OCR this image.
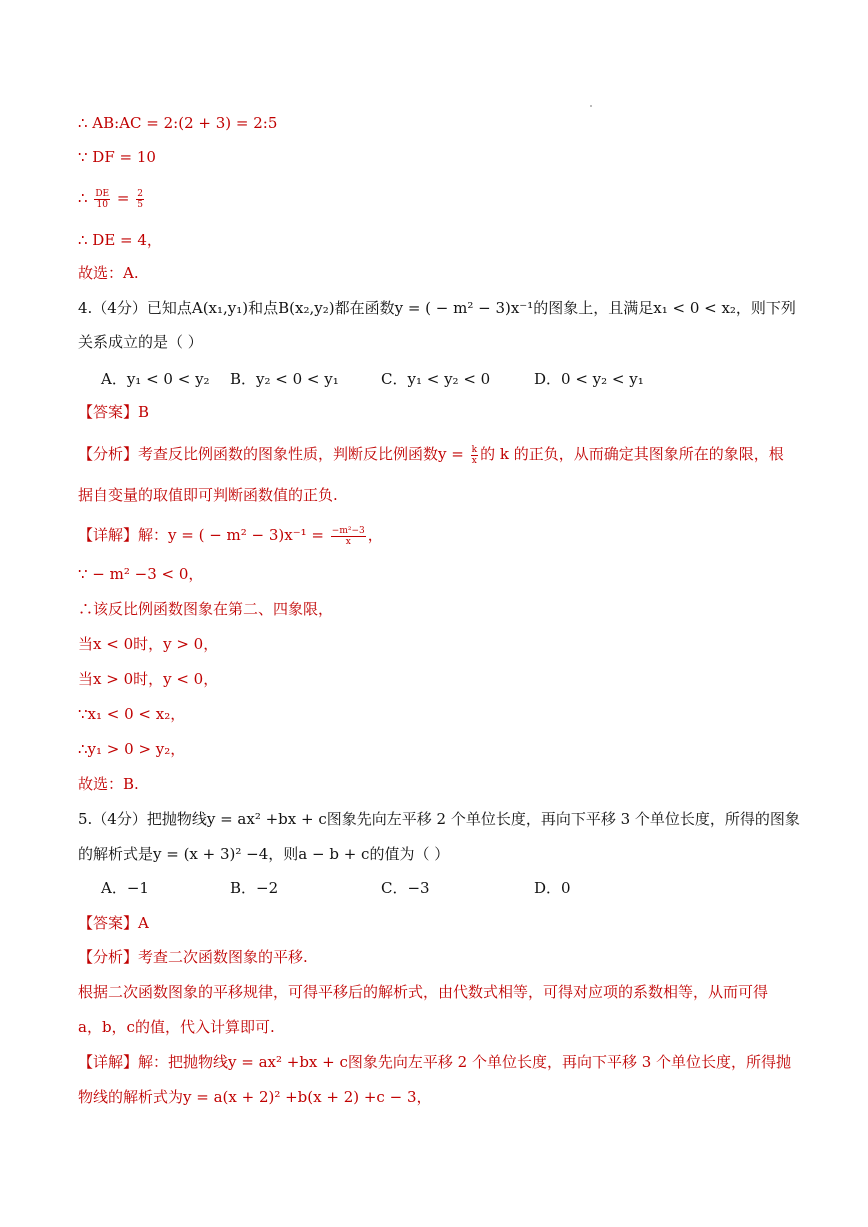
∴ AB:AC = 2:(2 + 3) = 2:5
∵ DF = 10
∴ $\frac{DE}{10} = \frac{2}{5}$
∴ DE = 4，
故选：A.
4.（4分）已知点A(x₁,y₁)和点B(x₂,y₂)都在函数y = ( − m² − 3)x⁻¹的图象上，且满足x₁ < 0 < x₂，则下列
关系成立的是（ ）
A．y₁ < 0 < y₂ B．y₂ < 0 < y₁	C．y₁ < y₂ < 0	D．0 < y₂ < y₁
【答案】B
【分析】考查反比例函数的图象性质，判断反比例函数$y = \frac{k}{x}$ 的 k 的正负，从而确定其图象所在的象限，根
据自变量的取值即可判断函数值的正负.
【详解】解：y = ( − $m^2 - 3)x^{-1} = \frac{\text{−m²−3}}{x}$ ，
∵ − m² −3 < 0，
∴该反比例函数图象在第二、四象限，
当x < 0时，y > 0，
当x > 0时，y < 0，
∵x₁ < 0 < x₂，
∴y₁ > 0 > y₂，
故选：B.
5.（4分）把抛物线y = ax² +bx + c图象先向左平移 2 个单位长度，再向下平移 3 个单位长度，所得的图象
的解析式是y = (x + 3)² −4，则a − b + c的值为（ ）
A．−1	B．−2	C．−3	D．0
【答案】A
【分析】考查二次函数图象的平移.
根据二次函数图象的平移规律，可得平移后的解析式，由代数式相等，可得对应项的系数相等，从而可得
a，b，c的值，代入计算即可.
【详解】解：把抛物线y = ax² +bx + c图象先向左平移 2 个单位长度，再向下平移 3 个单位长度，所得抛
物线的解析式为y = a(x + 2)² +b(x + 2) +c − 3，
